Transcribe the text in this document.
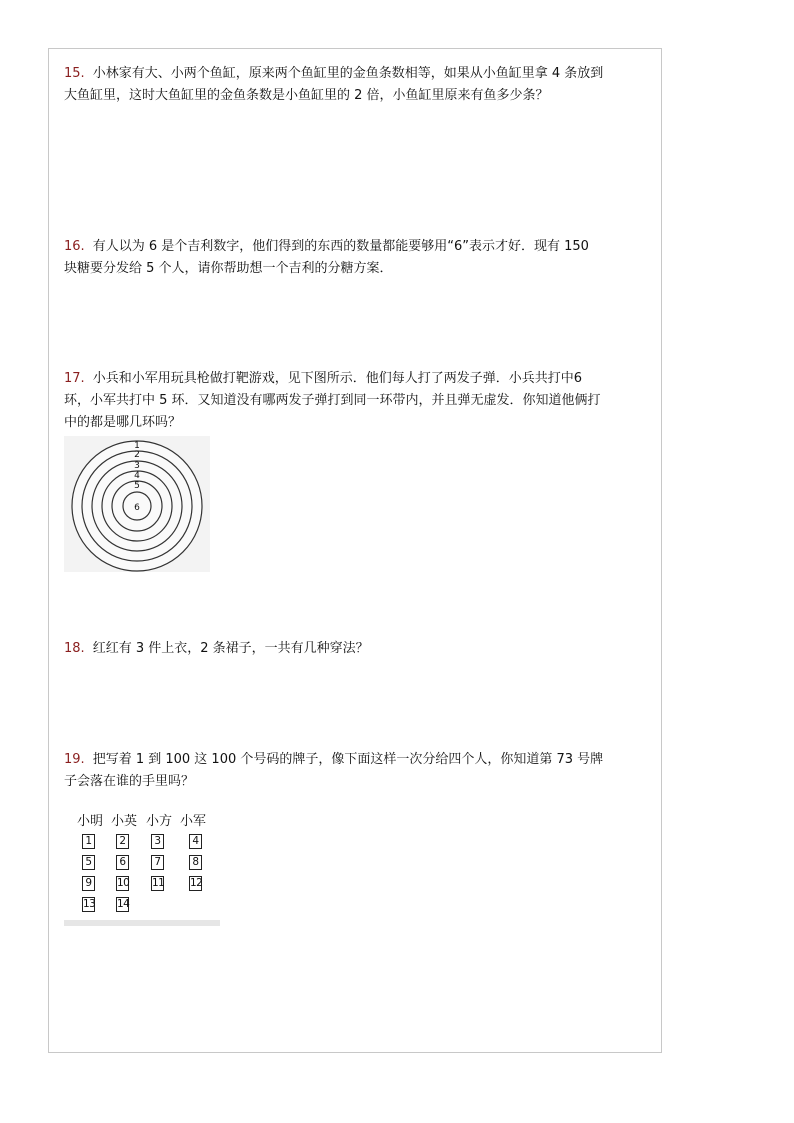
15. 小林家有大、小两个鱼缸，原来两个鱼缸里的金鱼条数相等，如果从小鱼缸里拿 4 条放到大鱼缸里，这时大鱼缸里的金鱼条数是小鱼缸里的 2 倍，小鱼缸里原来有鱼多少条？
16. 有人以为 6 是个吉利数字，他们得到的东西的数量都能要够用“6”表示才好．现有 150 块糖要分发给 5 个人，请你帮助想一个吉利的分糖方案．
17. 小兵和小军用玩具枪做打靶游戏，见下图所示．他们每人打了两发子弹．小兵共打中6环，小军共打中 5 环．又知道没有哪两发子弹打到同一环带内，并且弹无虚发．你知道他俩打中的都是哪几环吗？
1
2
3
4
5
6
18. 红红有 3 件上衣，2 条裙子，一共有几种穿法？
19. 把写着 1 到 100 这 100 个号码的牌子，像下面这样一次分给四个人，你知道第 73 号牌子会落在谁的手里吗？
小明 小英 小方 小军
1	2	3	4
5	6	7	8
9	10 11 12
13 14
